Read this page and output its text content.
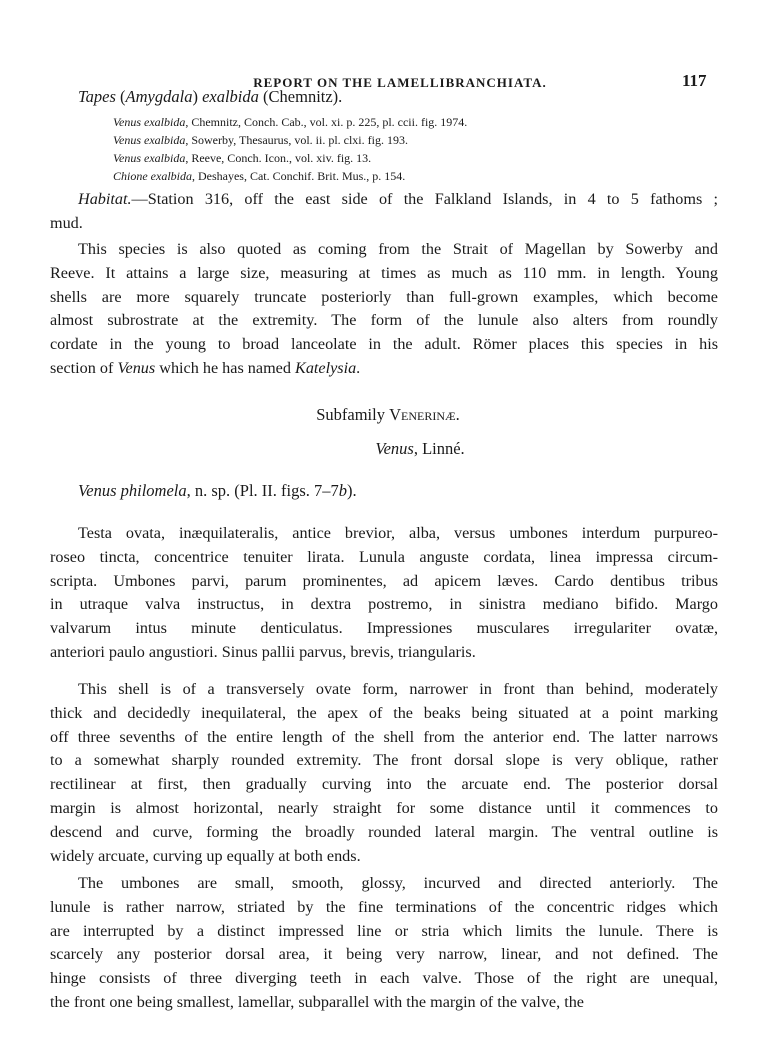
REPORT ON THE LAMELLIBRANCHIATA.	117
Tapes (Amygdala) exalbida (Chemnitz).
Venus exalbida, Chemnitz, Conch. Cab., vol. xi. p. 225, pl. ccii. fig. 1974.
Venus exalbida, Sowerby, Thesaurus, vol. ii. pl. clxi. fig. 193.
Venus exalbida, Reeve, Conch. Icon., vol. xiv. fig. 13.
Chione exalbida, Deshayes, Cat. Conchif. Brit. Mus., p. 154.
Habitat.—Station 316, off the east side of the Falkland Islands, in 4 to 5 fathoms ;
mud.
This species is also quoted as coming from the Strait of Magellan by Sowerby and
Reeve. It attains a large size, measuring at times as much as 110 mm. in length. Young
shells are more squarely truncate posteriorly than full-grown examples, which become
almost subrostrate at the extremity. The form of the lunule also alters from roundly
cordate in the young to broad lanceolate in the adult. Römer places this species in his
section of Venus which he has named Katelysia.
Subfamily Venerinæ.
Venus, Linné.
Venus philomela, n. sp. (Pl. II. figs. 7–7b).
Testa ovata, inæquilateralis, antice brevior, alba, versus umbones interdum purpureo-
roseo tincta, concentrice tenuiter lirata. Lunula anguste cordata, linea impressa circum-
scripta. Umbones parvi, parum prominentes, ad apicem læves. Cardo dentibus tribus
in utraque valva instructus, in dextra postremo, in sinistra mediano bifido. Margo
valvarum intus minute denticulatus. Impressiones musculares irregulariter ovatæ,
anteriori paulo angustiori. Sinus pallii parvus, brevis, triangularis.
This shell is of a transversely ovate form, narrower in front than behind, moderately
thick and decidedly inequilateral, the apex of the beaks being situated at a point marking
off three sevenths of the entire length of the shell from the anterior end. The latter narrows
to a somewhat sharply rounded extremity. The front dorsal slope is very oblique, rather
rectilinear at first, then gradually curving into the arcuate end. The posterior dorsal
margin is almost horizontal, nearly straight for some distance until it commences to
descend and curve, forming the broadly rounded lateral margin. The ventral outline is
widely arcuate, curving up equally at both ends.
The umbones are small, smooth, glossy, incurved and directed anteriorly. The
lunule is rather narrow, striated by the fine terminations of the concentric ridges which
are interrupted by a distinct impressed line or stria which limits the lunule. There is
scarcely any posterior dorsal area, it being very narrow, linear, and not defined. The
hinge consists of three diverging teeth in each valve. Those of the right are unequal,
the front one being smallest, lamellar, subparallel with the margin of the valve, the
